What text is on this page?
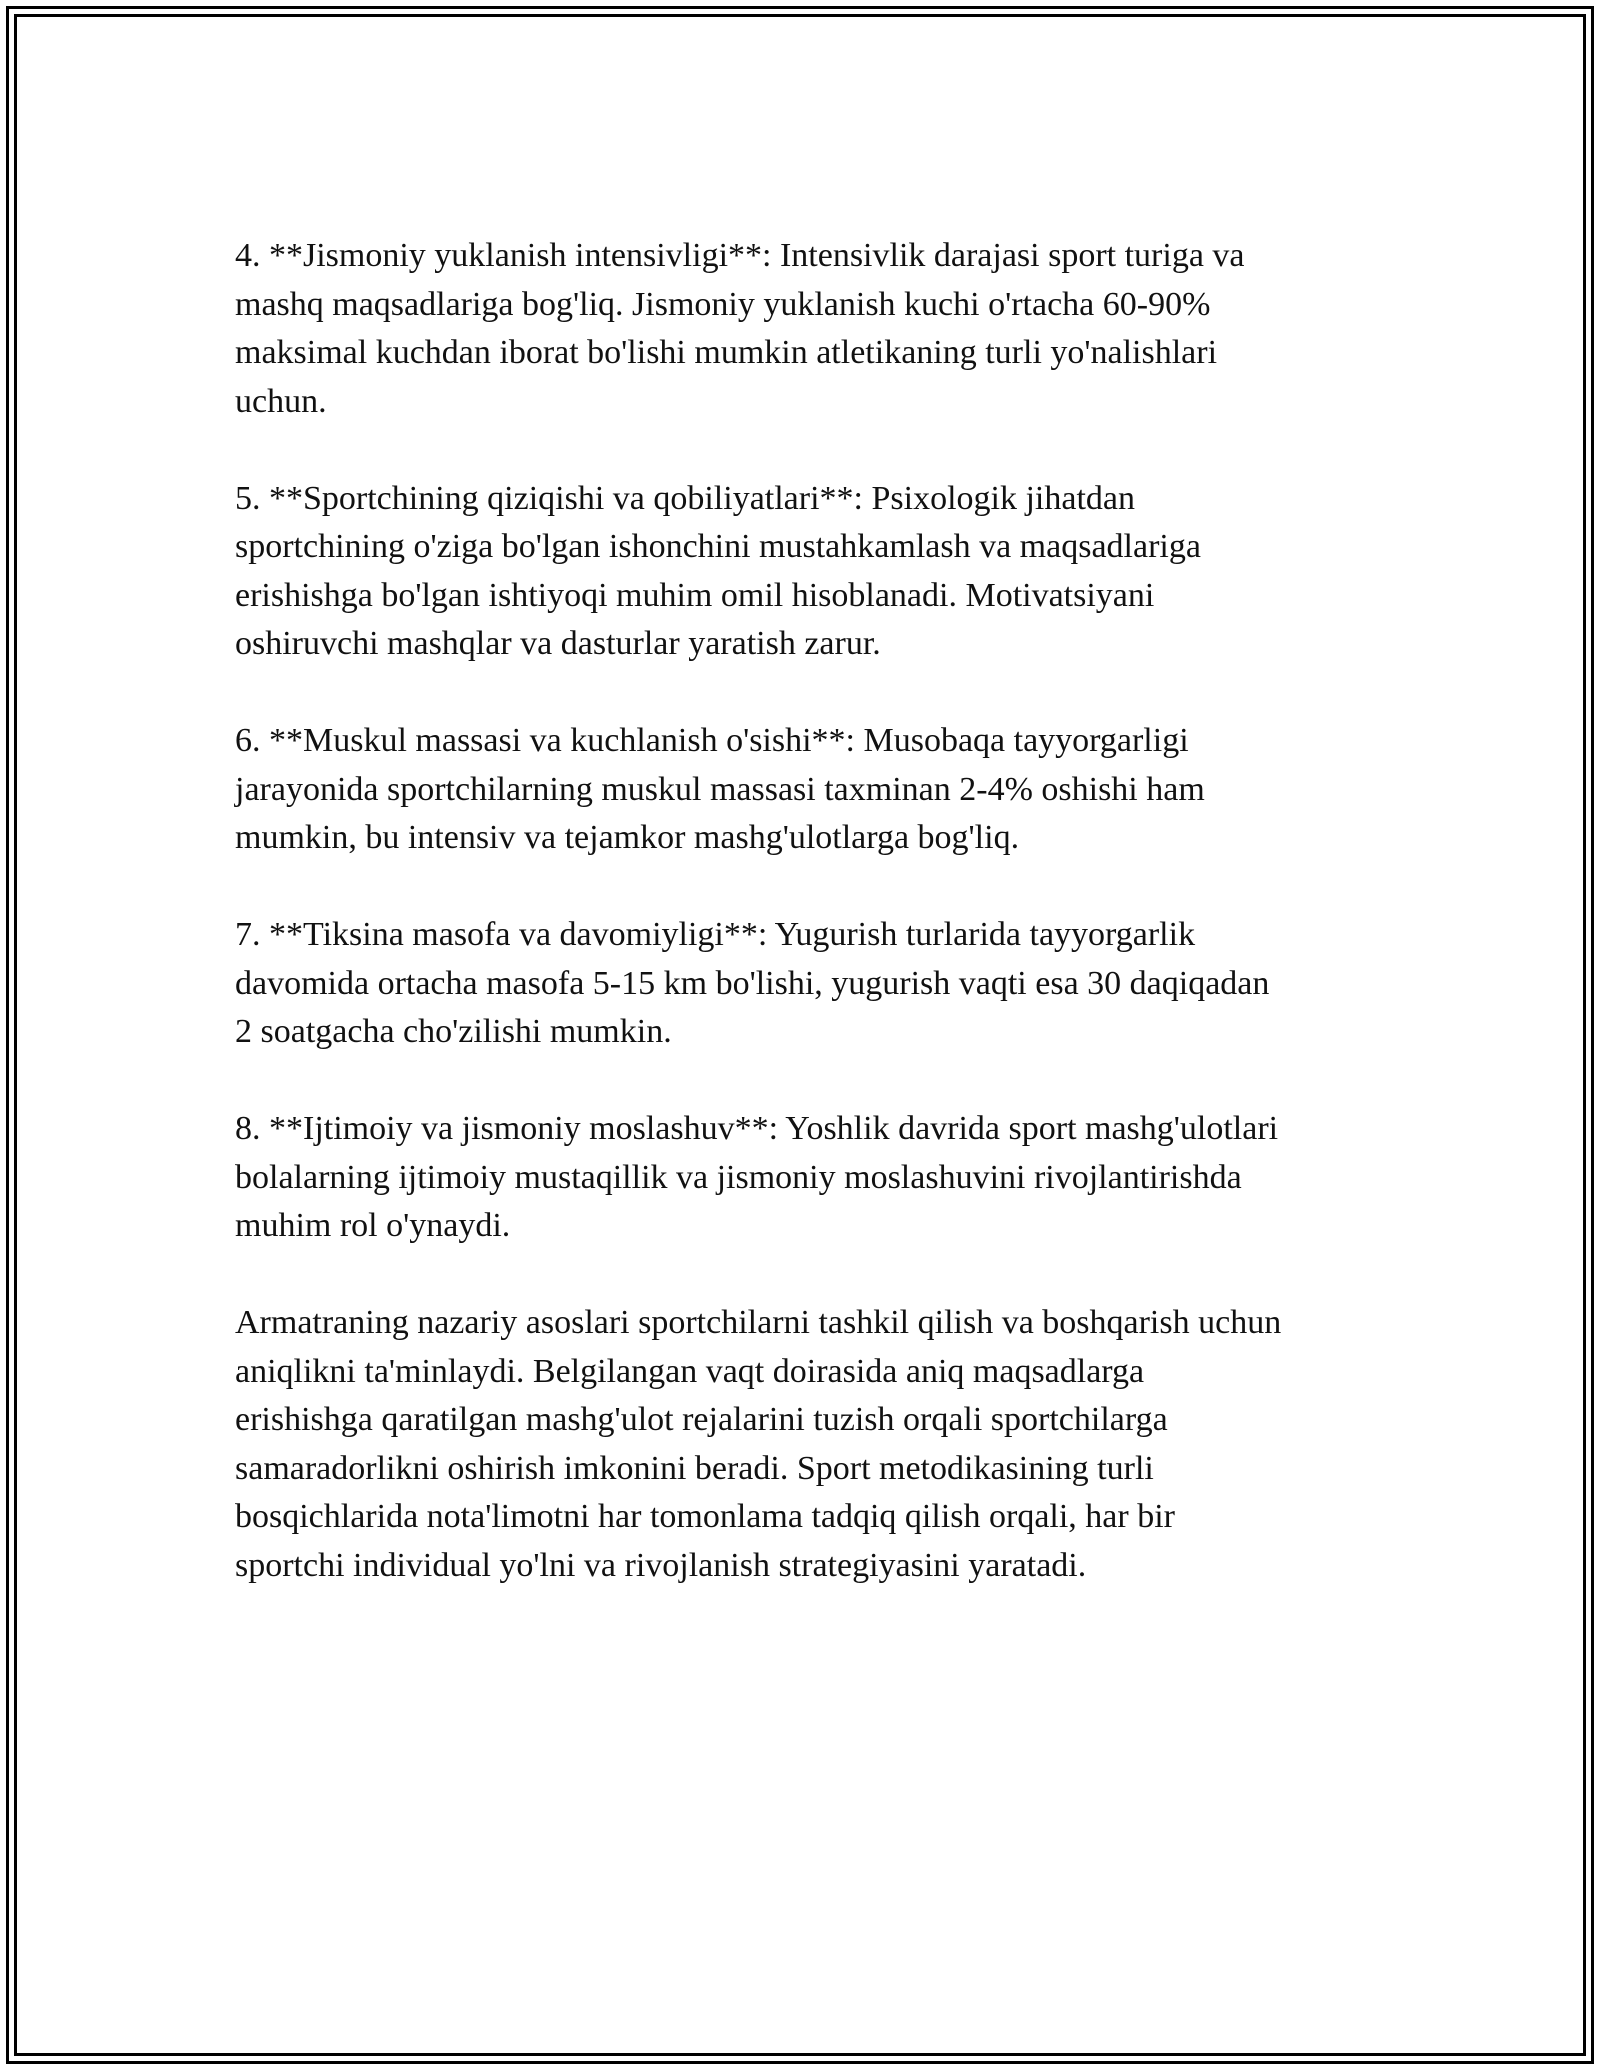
4. **Jismoniy yuklanish intensivligi**: Intensivlik darajasi sport turiga va
mashq maqsadlariga bog'liq. Jismoniy yuklanish kuchi o'rtacha 60-90%
maksimal kuchdan iborat bo'lishi mumkin atletikaning turli yo'nalishlari
uchun.

5. **Sportchining qiziqishi va qobiliyatlari**: Psixologik jihatdan
sportchining o'ziga bo'lgan ishonchini mustahkamlash va maqsadlariga
erishishga bo'lgan ishtiyoqi muhim omil hisoblanadi. Motivatsiyani
oshiruvchi mashqlar va dasturlar yaratish zarur.

6. **Muskul massasi va kuchlanish o'sishi**: Musobaqa tayyorgarligi
jarayonida sportchilarning muskul massasi taxminan 2-4% oshishi ham
mumkin, bu intensiv va tejamkor mashg'ulotlarga bog'liq.

7. **Tiksina masofa va davomiyligi**: Yugurish turlarida tayyorgarlik
davomida ortacha masofa 5-15 km bo'lishi, yugurish vaqti esa 30 daqiqadan
2 soatgacha cho'zilishi mumkin.

8. **Ijtimoiy va jismoniy moslashuv**: Yoshlik davrida sport mashg'ulotlari
bolalarning ijtimoiy mustaqillik va jismoniy moslashuvini rivojlantirishda
muhim rol o'ynaydi.

Armatraning nazariy asoslari sportchilarni tashkil qilish va boshqarish uchun
aniqlikni ta'minlaydi. Belgilangan vaqt doirasida aniq maqsadlarga
erishishga qaratilgan mashg'ulot rejalarini tuzish orqali sportchilarga
samaradorlikni oshirish imkonini beradi. Sport metodikasining turli
bosqichlarida nota'limotni har tomonlama tadqiq qilish orqali, har bir
sportchi individual yo'lni va rivojlanish strategiyasini yaratadi.
